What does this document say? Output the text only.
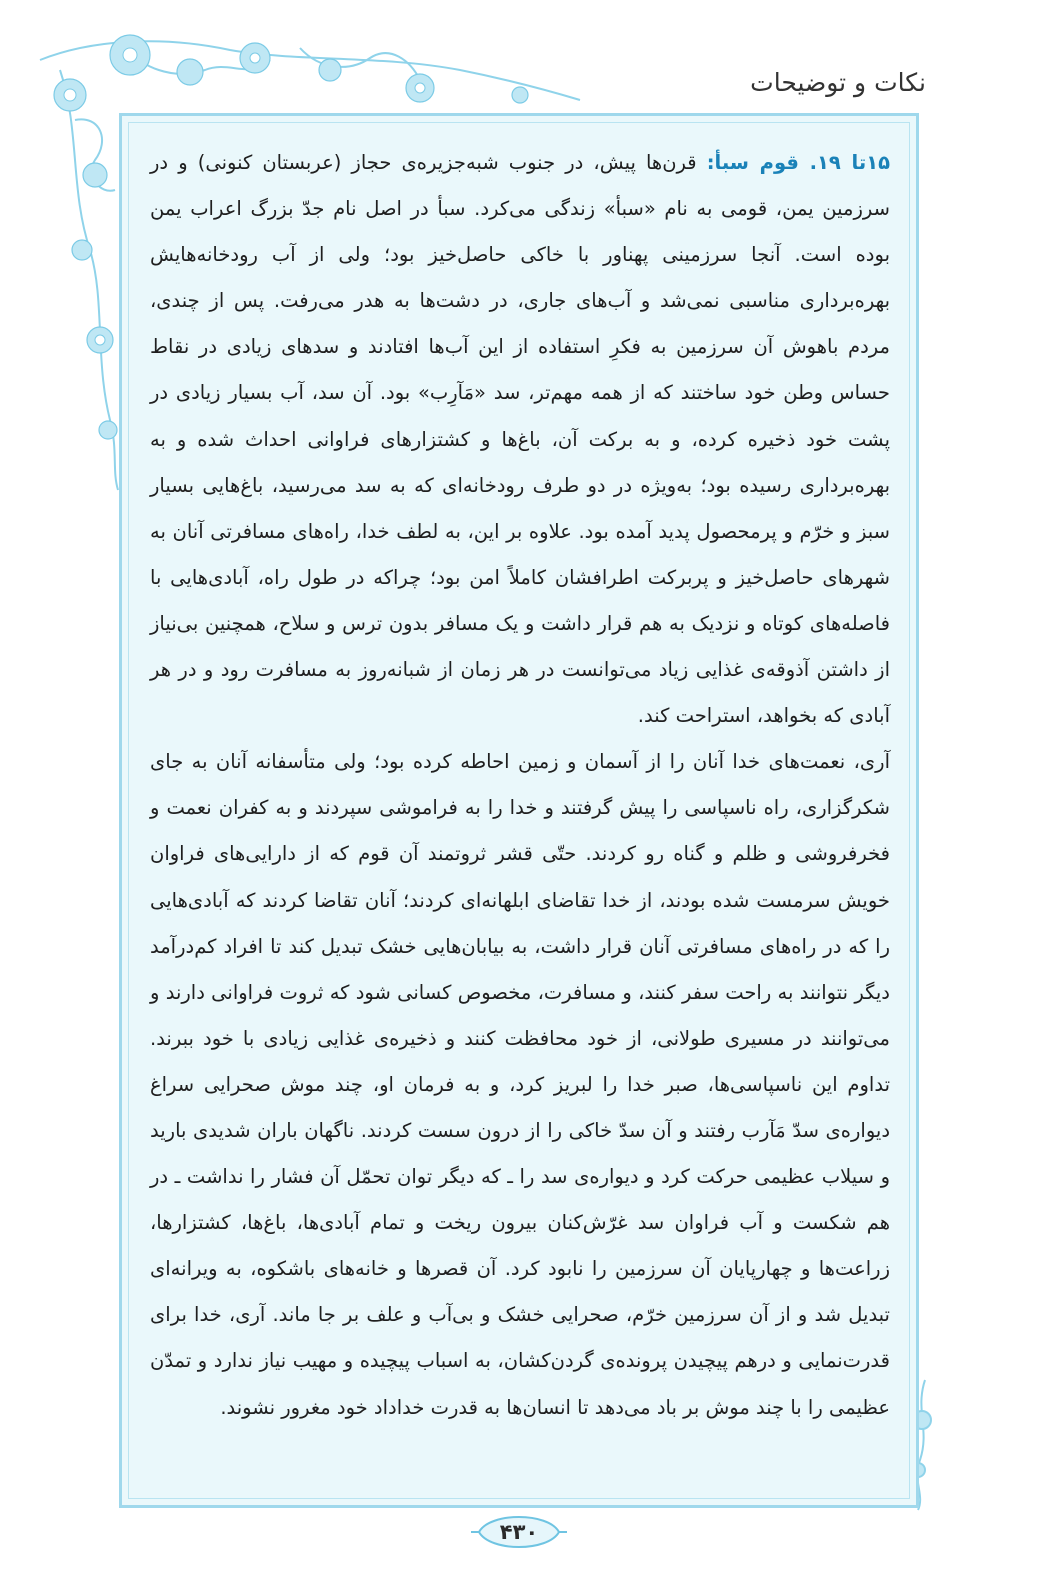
نکات و توضیحات

۱۵تا ۱۹. قوم سبأ: قرن‌ها پیش، در جنوب شبه‌جزیره‌ی حجاز (عربستان کنونی) و در سرزمین یمن، قومی به نام «سبأ» زندگی می‌کرد. سبأ در اصل نام جدّ بزرگ اعراب یمن بوده است. آنجا سرزمینی پهناور با خاکی حاصل‌خیز بود؛ ولی از آب رودخانه‌هایش بهره‌برداری مناسبی نمی‌شد و آب‌های جاری، در دشت‌ها به هدر می‌رفت. پس از چندی، مردم باهوش آن سرزمین به فکرِ استفاده از این آب‌ها افتادند و سدهای زیادی در نقاط حساس وطن خود ساختند که از همه مهم‌تر، سد «مَآرِب» بود. آن سد، آب بسیار زیادی در پشت خود ذخیره کرده، و به برکت آن، باغ‌ها و کشتزارهای فراوانی احداث شده و به بهره‌برداری رسیده بود؛ به‌ویژه در دو طرف رودخانه‌ای که به سد می‌رسید، باغ‌هایی بسیار سبز و خرّم و پرمحصول پدید آمده بود. علاوه بر این، به لطف خدا، راه‌های مسافرتی آنان به شهرهای حاصل‌خیز و پربرکت اطرافشان کاملاً امن بود؛ چراکه در طول راه، آبادی‌هایی با فاصله‌های کوتاه و نزدیک به هم قرار داشت و یک مسافر بدون ترس و سلاح، همچنین بی‌نیاز از داشتن آذوقه‌ی غذایی زیاد می‌توانست در هر زمان از شبانه‌روز به مسافرت رود و در هر آبادی که بخواهد، استراحت کند.

آری، نعمت‌های خدا آنان را از آسمان و زمین احاطه کرده بود؛ ولی متأسفانه آنان به جای شکرگزاری، راه ناسپاسی را پیش گرفتند و خدا را به فراموشی سپردند و به کفران نعمت و فخرفروشی و ظلم و گناه رو کردند. حتّی قشر ثروتمند آن قوم که از دارایی‌های فراوان خویش سرمست شده بودند، از خدا تقاضای ابلهانه‌ای کردند؛ آنان تقاضا کردند که آبادی‌هایی را که در راه‌های مسافرتی آنان قرار داشت، به بیابان‌هایی خشک تبدیل کند تا افراد کم‌درآمد دیگر نتوانند به راحت سفر کنند، و مسافرت، مخصوص کسانی شود که ثروت فراوانی دارند و می‌توانند در مسیری طولانی، از خود محافظت کنند و ذخیره‌ی غذایی زیادی با خود ببرند. تداوم این ناسپاسی‌ها، صبر خدا را لبریز کرد، و به فرمان او، چند موش صحرایی سراغ دیواره‌ی سدّ مَآرب رفتند و آن سدّ خاکی را از درون سست کردند. ناگهان باران شدیدی بارید و سیلاب عظیمی حرکت کرد و دیواره‌ی سد را ـ که دیگر توان تحمّل آن فشار را نداشت ـ در هم شکست و آب فراوان سد غرّش‌کنان بیرون ریخت و تمام آبادی‌ها، باغ‌ها، کشتزارها، زراعت‌ها و چهارپایان آن سرزمین را نابود کرد. آن قصرها و خانه‌های باشکوه، به ویرانه‌ای تبدیل شد و از آن سرزمین خرّم، صحرایی خشک و بی‌آب و علف بر جا ماند. آری، خدا برای قدرت‌نمایی و درهم پیچیدن پرونده‌ی گردن‌کشان، به اسباب پیچیده و مهیب نیاز ندارد و تمدّن عظیمی را با چند موش بر باد می‌دهد تا انسان‌ها به قدرت خداداد خود مغرور نشوند.

۴۳۰
